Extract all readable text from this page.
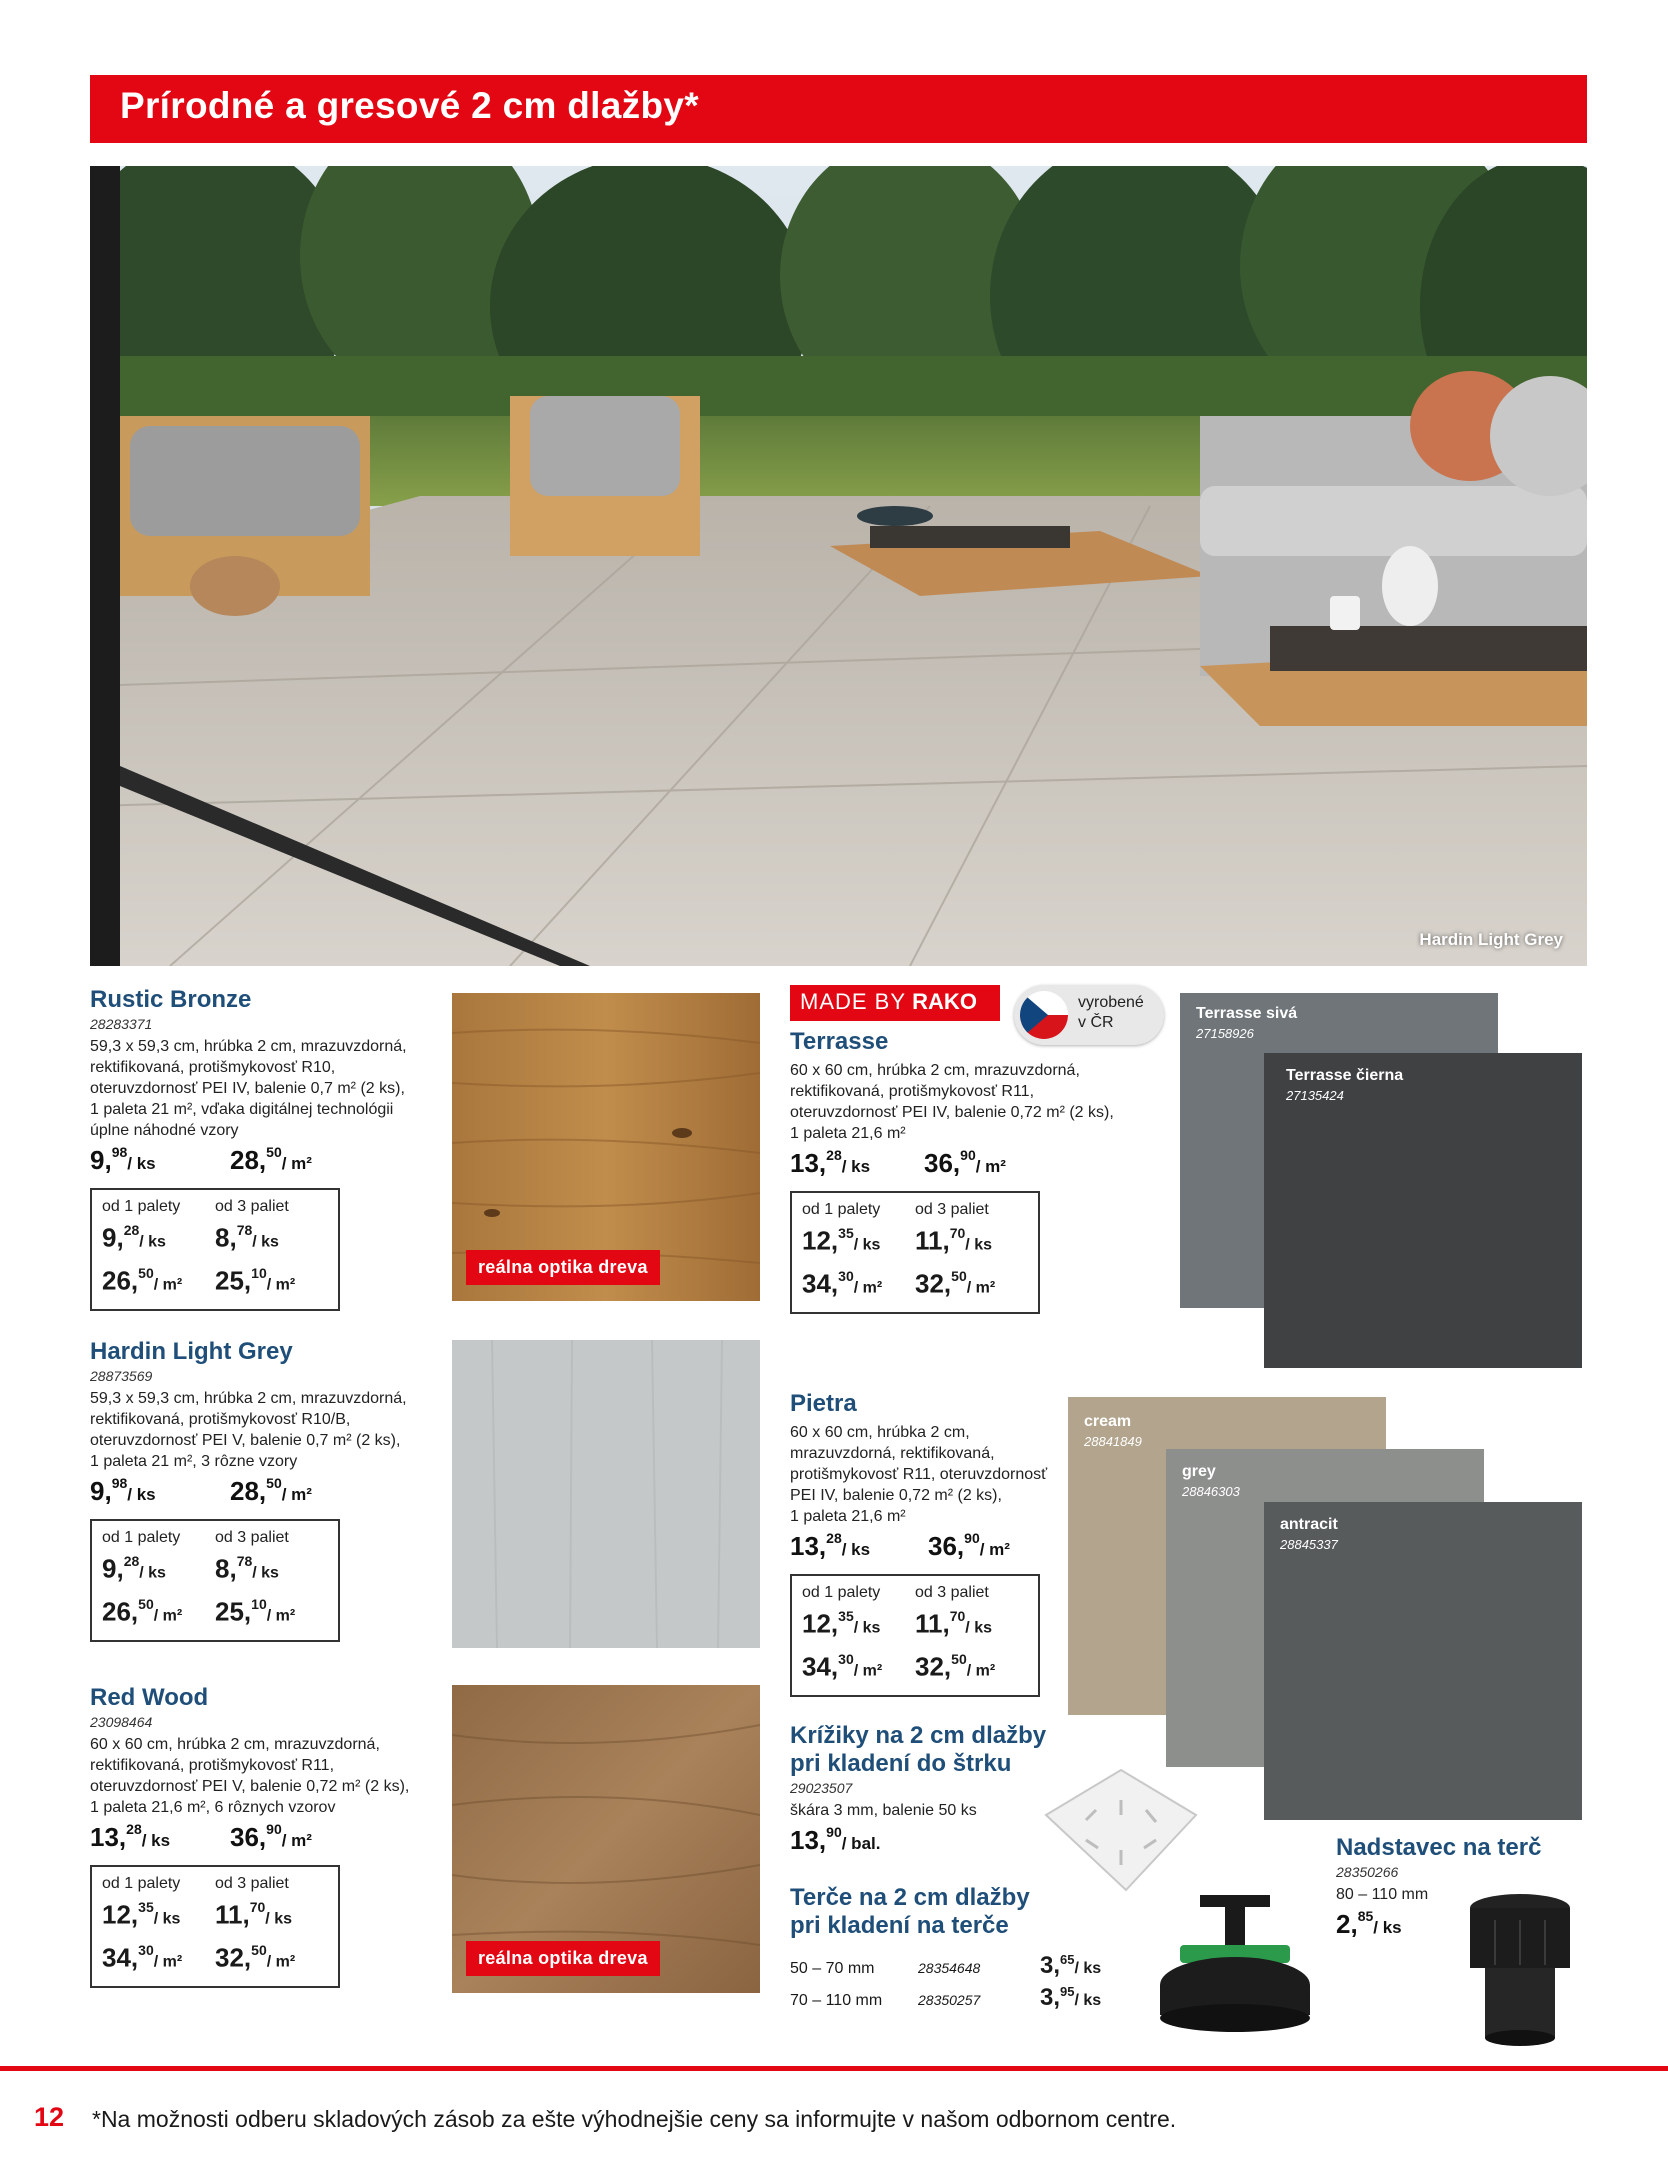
Prírodné a gresové 2 cm dlažby*
Hardin Light Grey
Rustic Bronze
28283371
59,3 x 59,3 cm, hrúbka 2 cm, mrazuvzdorná,
rektifikovaná, protišmykovosť R10,
oteruvzdornosť PEI IV, balenie 0,7 m² (2 ks),
1 paleta 21 m², vďaka digitálnej technológii
úplne náhodné vzory
9,98/ ks	28,50/ m²
od 1 palety	od 3 paliet
9,28/ ks	8,78/ ks
26,50/ m²	25,10/ m²
reálna optika dreva
Hardin Light Grey
28873569
59,3 x 59,3 cm, hrúbka 2 cm, mrazuvzdorná,
rektifikovaná, protišmykovosť R10/B,
oteruvzdornosť PEI V, balenie 0,7 m² (2 ks),
1 paleta 21 m², 3 rôzne vzory
9,98/ ks	28,50/ m²
od 1 palety	od 3 paliet
9,28/ ks	8,78/ ks
26,50/ m²	25,10/ m²
Red Wood
23098464
60 x 60 cm, hrúbka 2 cm, mrazuvzdorná,
rektifikovaná, protišmykovosť R11,
oteruvzdornosť PEI V, balenie 0,72 m² (2 ks),
1 paleta 21,6 m², 6 rôznych vzorov
13,28/ ks	36,90/ m²
od 1 palety	od 3 paliet
12,35/ ks	11,70/ ks
34,30/ m²	32,50/ m²	reálna optika dreva
MADE BY RAKO	vyrobené
v ČR
Terrasse
60 x 60 cm, hrúbka 2 cm, mrazuvzdorná,
rektifikovaná, protišmykovosť R11,
oteruvzdornosť PEI IV, balenie 0,72 m² (2 ks),
1 paleta 21,6 m²
13,28/ ks	36,90/ m²
od 1 palety	od 3 paliet
12,35/ ks	11,70/ ks
34,30/ m²	32,50/ m²
Terrasse sivá
27158926
Terrasse čierna
27135424
Pietra
60 x 60 cm, hrúbka 2 cm,
mrazuvzdorná, rektifikovaná,
protišmykovosť R11, oteruvzdornosť
PEI IV, balenie 0,72 m² (2 ks),
1 paleta 21,6 m²
13,28/ ks	36,90/ m²
od 1 palety	od 3 paliet
12,35/ ks	11,70/ ks
34,30/ m²	32,50/ m²
cream
28841849
grey
28846303
antracit
28845337
Krížiky na 2 cm dlažby
pri kladení do štrku
29023507
škára 3 mm, balenie 50 ks
13,90/ bal.
Terče na 2 cm dlažby
pri kladení na terče
50 – 70 mm	28354648	3,65/ ks
70 – 110 mm	28350257	3,95/ ks
Nadstavec na terč
28350266
80 – 110 mm
2,85/ ks
12 *Na možnosti odberu skladových zásob za ešte výhodnejšie ceny sa informujte v našom odbornom centre.
